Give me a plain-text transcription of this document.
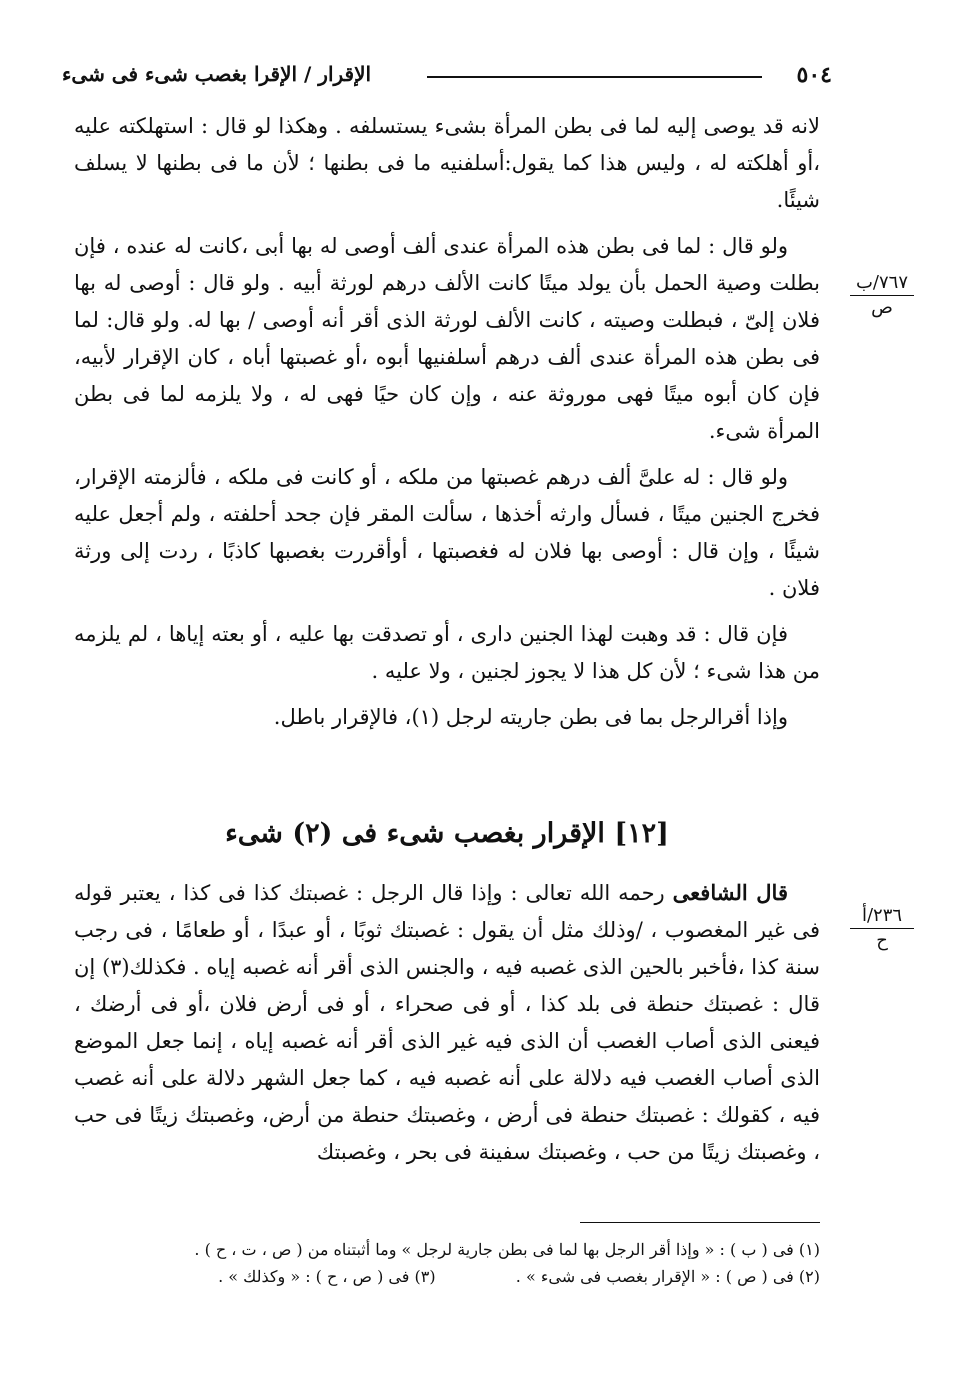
٥٠٤
الإقرار / الإقرا بغصب شىء فى شىء
٧٦٧/ب
ص
٢٣٦/أ
ح

لانه قد يوصى إليه لما فى بطن المرأة بشىء يستسلفه . وهكذا لو قال : استهلكته عليه ،أو أهلكته له ، وليس هذا كما يقول:أسلفنيه ما فى بطنها ؛ لأن ما فى بطنها لا يسلف شيئًا.

ولو قال : لما فى بطن هذه المرأة عندى ألف أوصى له بها أبى ،كانت له عنده ، فإن بطلت وصية الحمل بأن يولد ميتًا كانت الألف درهم لورثة أبيه . ولو قال : أوصى له بها فلان إلىّ ، فبطلت وصيته ، كانت الألف لورثة الذى أقر أنه أوصى / بها له. ولو قال: لما فى بطن هذه المرأة عندى ألف درهم أسلفنيها أبوه ،أو غصبتها أباه ، كان الإقرار لأبيه، فإن كان أبوه ميتًا فهى موروثة عنه ، وإن كان حيًا فهى له ، ولا يلزمه لما فى بطن المرأة شىء.

ولو قال : له علىَّ ألف درهم غصبتها من ملكه ، أو كانت فى ملكه ، فألزمته الإقرار، فخرج الجنين ميتًا ، فسأل وارثه أخذها ، سألت المقر فإن جحد أحلفته ، ولم أجعل عليه شيئًا ، وإن قال : أوصى بها فلان له فغصبتها ، أوأقررت بغصبها كاذبًا ، ردت إلى ورثة فلان .

فإن قال : قد وهبت لهذا الجنين دارى ، أو تصدقت بها عليه ، أو بعته إياها ، لم يلزمه من هذا شىء ؛ لأن كل هذا لا يجوز لجنين ، ولا عليه .

وإذا أقرالرجل بما فى بطن جاريته لرجل (١)، فالإقرار باطل.

[١٢] الإقرار بغصب شىء فى (٢) شىء

قال الشافعى رحمه الله تعالى : وإذا قال الرجل : غصبتك كذا فى كذا ، يعتبر قوله فى غير المغصوب ، /وذلك مثل أن يقول : غصبتك ثوبًا ، أو عبدًا ، أو طعامًا ، فى رجب سنة كذا ،فأخبر بالحين الذى غصبه فيه ، والجنس الذى أقر أنه غصبه إياه . فكذلك(٣) إن قال : غصبتك حنطة فى بلد كذا ، أو فى صحراء ، أو فى أرض فلان ،أو فى أرضك ، فيعنى الذى أصاب الغصب أن الذى فيه غير الذى أقر أنه غصبه إياه ، إنما جعل الموضع الذى أصاب الغصب فيه دلالة على أنه غصبه فيه ، كما جعل الشهر دلالة على أنه غصب فيه ، كقولك : غصبتك حنطة فى أرض ، وغصبتك حنطة من أرض، وغصبتك زيتًا فى حب ، وغصبتك زيتًا من حب ، وغصبتك سفينة فى بحر ، وغصبتك

(١) فى ( ب ) : « وإذا أقر الرجل بها لما فى بطن جارية لرجل » وما أثبتناه من ( ص ، ت ، ح ) .
(٢) فى ( ص ) : « الإقرار بغصب فى شىء » .  (٣) فى ( ص ، ح ) : « وكذلك » .
